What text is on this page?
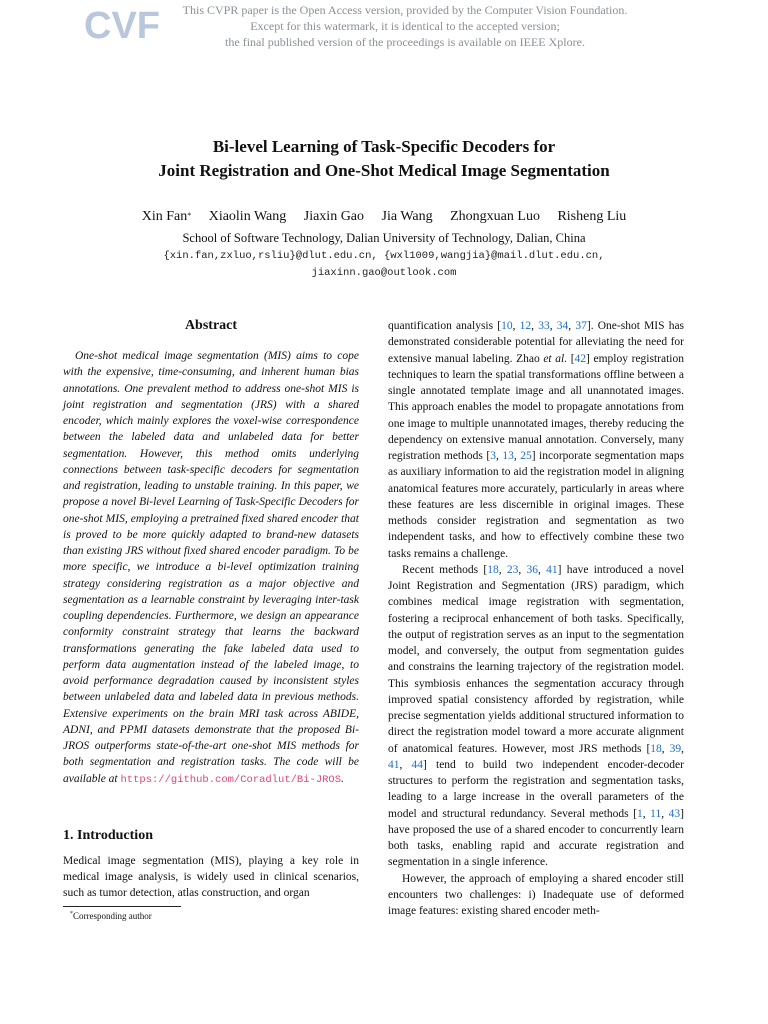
CVF	This CVPR paper is the Open Access version, provided by the Computer Vision Foundation.
Except for this watermark, it is identical to the accepted version;
the final published version of the proceedings is available on IEEE Xplore.
Bi-level Learning of Task-Specific Decoders for
Joint Registration and One-Shot Medical Image Segmentation
Xin Fan* Xiaolin Wang Jiaxin Gao Jia Wang Zhongxuan Luo Risheng Liu
School of Software Technology, Dalian University of Technology, Dalian, China
{xin.fan,zxluo,rsliu}@dlut.edu.cn, {wxl1009,wangjia}@mail.dlut.edu.cn,
jiaxinn.gao@outlook.com
Abstract

One-shot medical image segmentation (MIS) aims to cope with the expensive, time-consuming, and inherent human bias annotations. One prevalent method to address one-shot MIS is joint registration and segmentation (JRS) with a shared encoder, which mainly explores the voxel-wise correspondence between the labeled data and unlabeled data for better segmentation. However, this method omits underlying connections between task-specific decoders for segmentation and registration, leading to unstable training. In this paper, we propose a novel Bi-level Learning of Task-Specific Decoders for one-shot MIS, employing a pretrained fixed shared encoder that is proved to be more quickly adapted to brand-new datasets than existing JRS without fixed shared encoder paradigm. To be more specific, we introduce a bi-level optimization training strategy considering registration as a major objective and segmentation as a learnable constraint by leveraging inter-task coupling dependencies. Furthermore, we design an appearance conformity constraint strategy that learns the backward transformations generating the fake labeled data used to perform data augmentation instead of the labeled image, to avoid performance degradation caused by inconsistent styles between unlabeled data and labeled data in previous methods. Extensive experiments on the brain MRI task across ABIDE, ADNI, and PPMI datasets demonstrate that the proposed Bi-JROS outperforms state-of-the-art one-shot MIS methods for both segmentation and registration tasks. The code will be available at https://github.com/Coradlut/Bi-JROS.

1. Introduction

Medical image segmentation (MIS), playing a key role in medical image analysis, is widely used in clinical scenarios, such as tumor detection, atlas construction, and organ

*Corresponding author

quantification analysis [10, 12, 33, 34, 37]. One-shot MIS has demonstrated considerable potential for alleviating the need for extensive manual labeling. Zhao et al. [42] employ registration techniques to learn the spatial transformations offline between a single annotated template image and all unannotated images. This approach enables the model to propagate annotations from one image to multiple unannotated images, thereby reducing the dependency on extensive manual annotation. Conversely, many registration methods [3, 13, 25] incorporate segmentation maps as auxiliary information to aid the registration model in aligning anatomical features more accurately, particularly in areas where these features are less discernible in original images. These methods consider registration and segmentation as two independent tasks, and how to effectively combine these two tasks remains a challenge.

Recent methods [18, 23, 36, 41] have introduced a novel Joint Registration and Segmentation (JRS) paradigm, which combines medical image registration with segmentation, fostering a reciprocal enhancement of both tasks. Specifically, the output of registration serves as an input to the segmentation model, and conversely, the output from segmentation guides and constrains the learning trajectory of the registration model. This symbiosis enhances the segmentation accuracy through improved spatial consistency afforded by registration, while precise segmentation yields additional structured information to direct the registration model toward a more accurate alignment of anatomical features. However, most JRS methods [18, 39, 41, 44] tend to build two independent encoder-decoder structures to perform the registration and segmentation tasks, leading to a large increase in the overall parameters of the model and structural redundancy. Several methods [1, 11, 43] have proposed the use of a shared encoder to concurrently learn both tasks, enabling rapid and accurate registration and segmentation in a single inference.

However, the approach of employing a shared encoder still encounters two challenges: i) Inadequate use of deformed image features: existing shared encoder meth-
